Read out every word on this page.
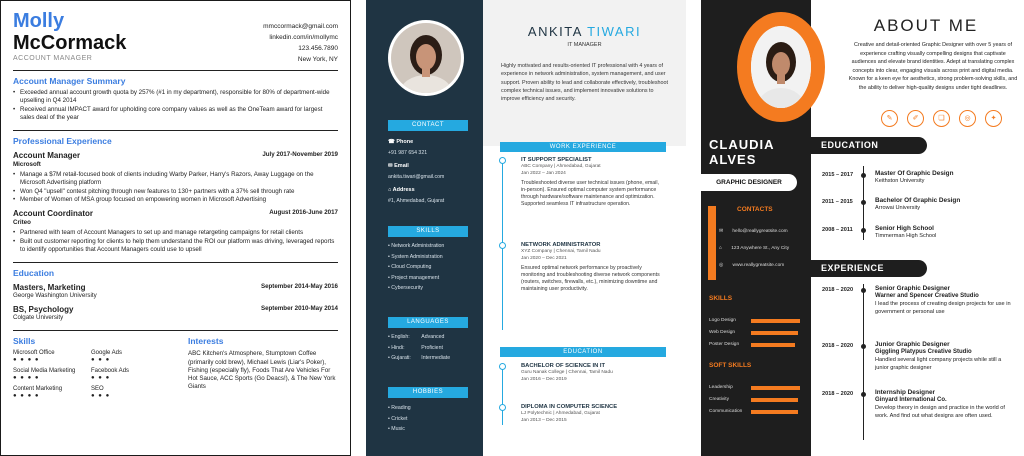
Molly
McCormack
ACCOUNT MANAGER
mmccormack@gmail.com
linkedin.com/in/mollymc
123.456.7890
New York, NY
Account Manager Summary
• Exceeded annual account growth quota by 257% (#1 in my department), responsible for 80% of department-wide upselling in Q4 2014
• Received annual IMPACT award for upholding core company values as well as the OneTeam award for largest sales deal of the year
Professional Experience
Account Manager	July 2017-November 2019
Microsoft
• Manage a $7M retail-focused book of clients including Warby Parker, Harry's Razors, Away Luggage on the Microsoft Advertising platform
• Won Q4 "upsell" contest pitching through new features to 130+ partners with a 37% sell through rate
• Member of Women of MSA group focused on empowering women in Microsoft Advertising
Account Coordinator	August 2016-June 2017
Criteo
• Partnered with team of Account Managers to set up and manage retargeting campaigns for retail clients
• Built out customer reporting for clients to help them understand the ROI our platform was driving, leveraged reports to identify opportunities that Account Managers could use to upsell
Education
Masters, Marketing	September 2014-May 2016
George Washington University
BS, Psychology	September 2010-May 2014
Colgate University
Skills
Microsoft Office
● ● ● ●
Google Ads
● ● ●
Social Media Marketing
● ● ● ●
Facebook Ads
● ● ●
Content Marketing
● ● ● ●
SEO
● ● ●
Interests
ABC Kitchen's Atmosphere, Stumptown Coffee (primarily cold brew), Michael Lewis (Liar's Poker), Fishing (especially fly), Foods That Are Vehicles For Hot Sauce, ACC Sports (Go Deacs!), & The New York Giants
CONTACT
☎ Phone
+91 987 654 321
✉ Email
ankita.tiwari@gmail.com
⌂ Address
#1, Ahmedabad, Gujarat
SKILLS
• Network Administration
• System Administration
• Cloud Computing
• Project management
• Cybersecurity
LANGUAGES
• English: Advanced
• Hindi:	Proficient
• Gujarati: Intermediate
HOBBIES
• Reading
• Cricket
• Music
ANKITA TIWARI
IT MANAGER
Highly motivated and results-oriented IT professional with 4 years of experience in network administration, system management, and user support. Proven ability to lead and collaborate effectively, troubleshoot complex technical issues, and implement innovative solutions to improve efficiency and security.
WORK EXPERIENCE
IT SUPPORT SPECIALIST
ABC Company | Ahmedabad, Gujarat
Jan 2022 – Jan 2024
Troubleshooted diverse user technical issues (phone, email, in-person). Ensured optimal computer system performance through hardware/software maintenance and optimization. Supported seamless IT infrastructure operation.
NETWORK ADMINISTRATOR
XYZ Company | Chennai, Tamil Nadu
Jan 2020 – Dec 2021
Ensured optimal network performance by proactively monitoring and troubleshooting diverse network components (routers, switches, firewalls, etc.), minimizing downtime and maintaining user productivity.
EDUCATION
BACHELOR OF SCIENCE IN IT
Guru Nanak College | Chennai, Tamil Nadu
Jan 2016 – Dec 2019
DIPLOMA IN COMPUTER SCIENCE
LJ Polytechnic | Ahmedabad, Gujarat
Jan 2013 – Dec 2015
CLAUDIA
ALVES
GRAPHIC DESIGNER
CONTACTS
✉ hello@reallygreatsite.com
⌂ 123 Anywhere St., Any City
◎ www.reallygreatsite.com
SKILLS
Logo Design
Web Design
Poster Design
SOFT SKILLS
Leadership
Creativity
Communication
ABOUT ME
Creative and detail-oriented Graphic Designer with over 5 years of experience crafting visually compelling designs that captivate audiences and elevate brand identities. Adept at translating complex concepts into clear, engaging visuals across print and digital media. Known for a keen eye for aesthetics, strong problem-solving skills, and the ability to deliver high-quality designs under tight deadlines.
✎	✐	❏	◎	✦
EDUCATION
2015 – 2017	Master Of Graphic Design
Keithston University
2011 – 2015	Bachelor Of Graphic Design
Arrowai University
2008 – 2011	Senior High School
Timmerman High School
EXPERIENCE
2018 – 2020	Senior Graphic Designer
Warner and Spencer Creative Studio
I lead the process of creating design projects for use in government or personal use
2018 – 2020	Junior Graphic Designer
Giggling Platypus Creative Studio
Handled several light company projects while still a junior graphic designer
2018 – 2020	Internship Designer
Ginyard International Co.
Develop theory in design and practice in the world of work. And find out what designs are often used.
